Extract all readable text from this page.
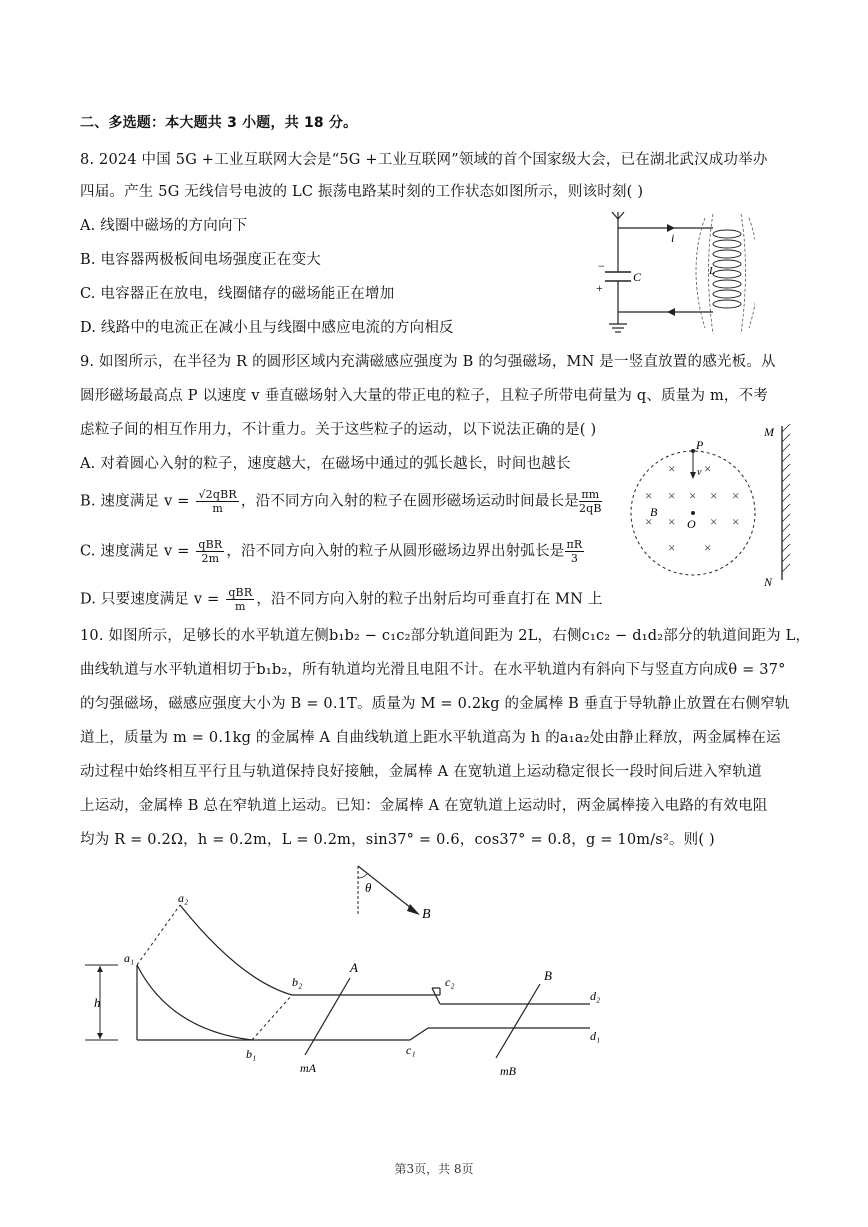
二、多选题：本大题共 3 小题，共 18 分。
8. 2024 中国 5G +工业互联网大会是“5G +工业互联网”领域的首个国家级大会，已在湖北武汉成功举办
四届。产生 5G 无线信号电波的 LC 振荡电路某时刻的工作状态如图所示，则该时刻( )
A. 线圈中磁场的方向向下
B. 电容器两极板间电场强度正在变大
C. 电容器正在放电，线圈储存的磁场能正在增加
D. 线路中的电流正在减小且与线圈中感应电流的方向相反
i
−
+
C	L
9. 如图所示，在半径为 R 的圆形区域内充满磁感应强度为 B 的匀强磁场，MN 是一竖直放置的感光板。从
圆形磁场最高点 P 以速度 v 垂直磁场射入大量的带正电的粒子，且粒子所带电荷量为 q、质量为 m，不考
虑粒子间的相互作用力，不计重力。关于这些粒子的运动，以下说法正确的是( )
A. 对着圆心入射的粒子，速度越大，在磁场中通过的弧长越长，时间也越长
B. 速度满足 v = √2qBR
m	，沿不同方向入射的粒子在圆形磁场运动时间最长是 $\frac{\pi m}{2qB}$
C. 速度满足 v = qBR
2m ，沿不同方向入射的粒子从圆形磁场边界出射弧长是 $\frac{\pi R}{3}$
D. 只要速度满足 v = qBR
m ，沿不同方向入射的粒子出射后均可垂直打在 MN 上
× ×
× × × × ×
× ×	× ×
× ×
P
v
B
O
M
N
10. 如图所示，足够长的水平轨道左侧b₁b₂ − c₁c₂部分轨道间距为 2L，右侧c₁c₂ − d₁d₂部分的轨道间距为 L，
曲线轨道与水平轨道相切于b₁b₂，所有轨道均光滑且电阻不计。在水平轨道内有斜向下与竖直方向成θ = 37°
的匀强磁场，磁感应强度大小为 B = 0.1T。质量为 M = 0.2kg 的金属棒 B 垂直于导轨静止放置在右侧窄轨
道上，质量为 m = 0.1kg 的金属棒 A 自曲线轨道上距水平轨道高为 h 的a₁a₂处由静止释放，两金属棒在运
动过程中始终相互平行且与轨道保持良好接触，金属棒 A 在宽轨道上运动稳定很长一段时间后进入窄轨道
上运动，金属棒 B 总在窄轨道上运动。已知：金属棒 A 在宽轨道上运动时，两金属棒接入电路的有效电阻
均为 R = 0.2Ω，h = 0.2m，L = 0.2m，sin37° = 0.6，cos37° = 0.8，g = 10m/s²。则( )
θ
B
h
a₁
a₂
b₁
b₂
c₁
c₂
d₁
d₂
A
B
mA	mB
第3页，共 8页
